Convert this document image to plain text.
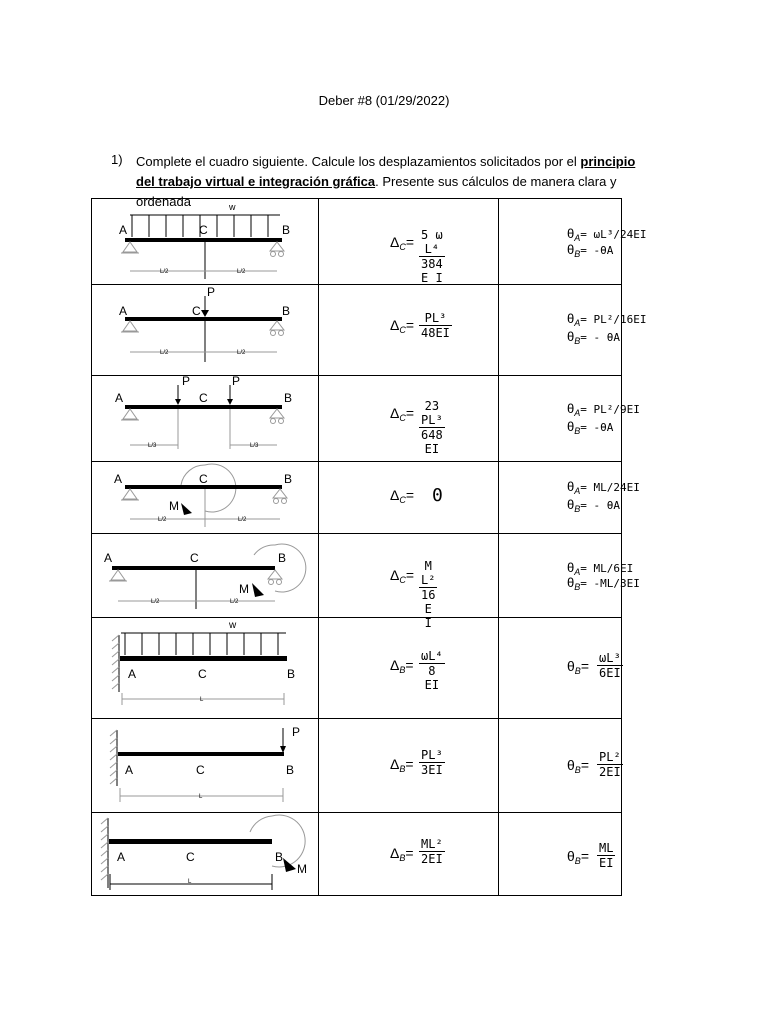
Deber #8 (01/29/2022)
1) Complete el cuadro siguiente. Calcule los desplazamientos solicitados por el principio del trabajo virtual e integración gráfica. Presente sus cálculos de manera clara y ordenada
A	C	B
w
L/2	L/2
$\Delta_C= \frac{\text{5 ω L⁴}}{\text{384 E I}}$	$\theta_A= \omega L^3/24EI$
$\theta_B= -\theta A$
A	C	B
P
L/2	L/2
$\Delta_C= \frac{\text{PL³}}{48EI}$	$\theta_A= PL^2/16EI$
$\theta_B= - \theta A$
A	C	B
P	P
L/3	L/3
$\Delta_C= \frac{\text{23 PL³}}{648 EI}$	$\theta_A= PL^2/9EI$
$\theta_B= -\theta A$
A	C	B
M
L/2	L/2
$\Delta_C= 0$	$\theta_A= ML/24EI$
$\theta_B= - \theta A$
A	C	B
M
L/2	L/2
$\Delta_C= \frac{\text{M L²}}{\text{16 E I}}$	$\theta_A= ML/6EI$
$\theta_B= -ML/3EI$
w
A	C	B
L
$\Delta_B= \frac{\text{ωL⁴}}{8 EI}$	$\theta_B= \frac{\text{ωL³}}{6EI}$
P
A	C	B
L
$\Delta_B= \frac{\text{PL³}}{3EI}$	$\theta_B= \frac{\text{PL²}}{2EI}$
A	C	B
M
L
$\Delta_B= \frac{\text{ML²}}{2EI}$	$\theta_B= \frac{ML}{EI}$
